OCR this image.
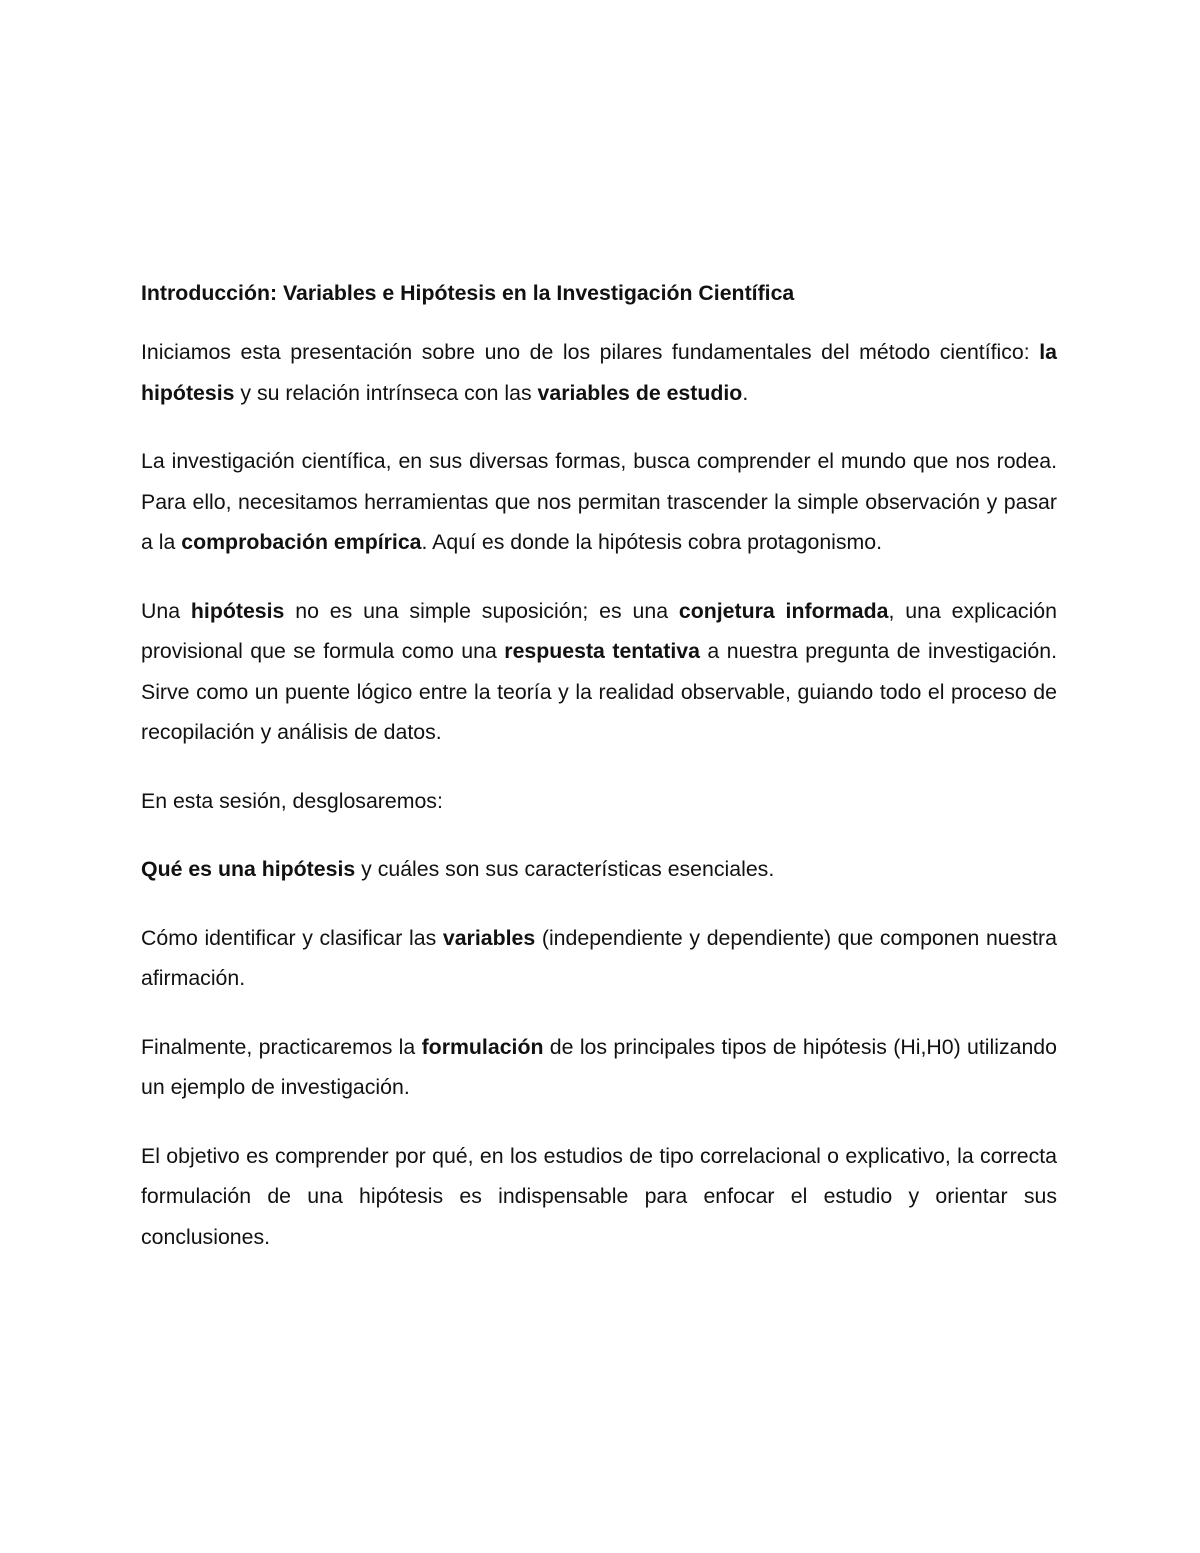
Introducción: Variables e Hipótesis en la Investigación Científica

Iniciamos esta presentación sobre uno de los pilares fundamentales del método científico: la hipótesis y su relación intrínseca con las variables de estudio.

La investigación científica, en sus diversas formas, busca comprender el mundo que nos rodea. Para ello, necesitamos herramientas que nos permitan trascender la simple observación y pasar a la comprobación empírica. Aquí es donde la hipótesis cobra protagonismo.

Una hipótesis no es una simple suposición; es una conjetura informada, una explicación provisional que se formula como una respuesta tentativa a nuestra pregunta de investigación. Sirve como un puente lógico entre la teoría y la realidad observable, guiando todo el proceso de recopilación y análisis de datos.

En esta sesión, desglosaremos:

Qué es una hipótesis y cuáles son sus características esenciales.

Cómo identificar y clasificar las variables (independiente y dependiente) que componen nuestra afirmación.

Finalmente, practicaremos la formulación de los principales tipos de hipótesis (Hi,H0) utilizando un ejemplo de investigación.

El objetivo es comprender por qué, en los estudios de tipo correlacional o explicativo, la correcta formulación de una hipótesis es indispensable para enfocar el estudio y orientar sus conclusiones.
